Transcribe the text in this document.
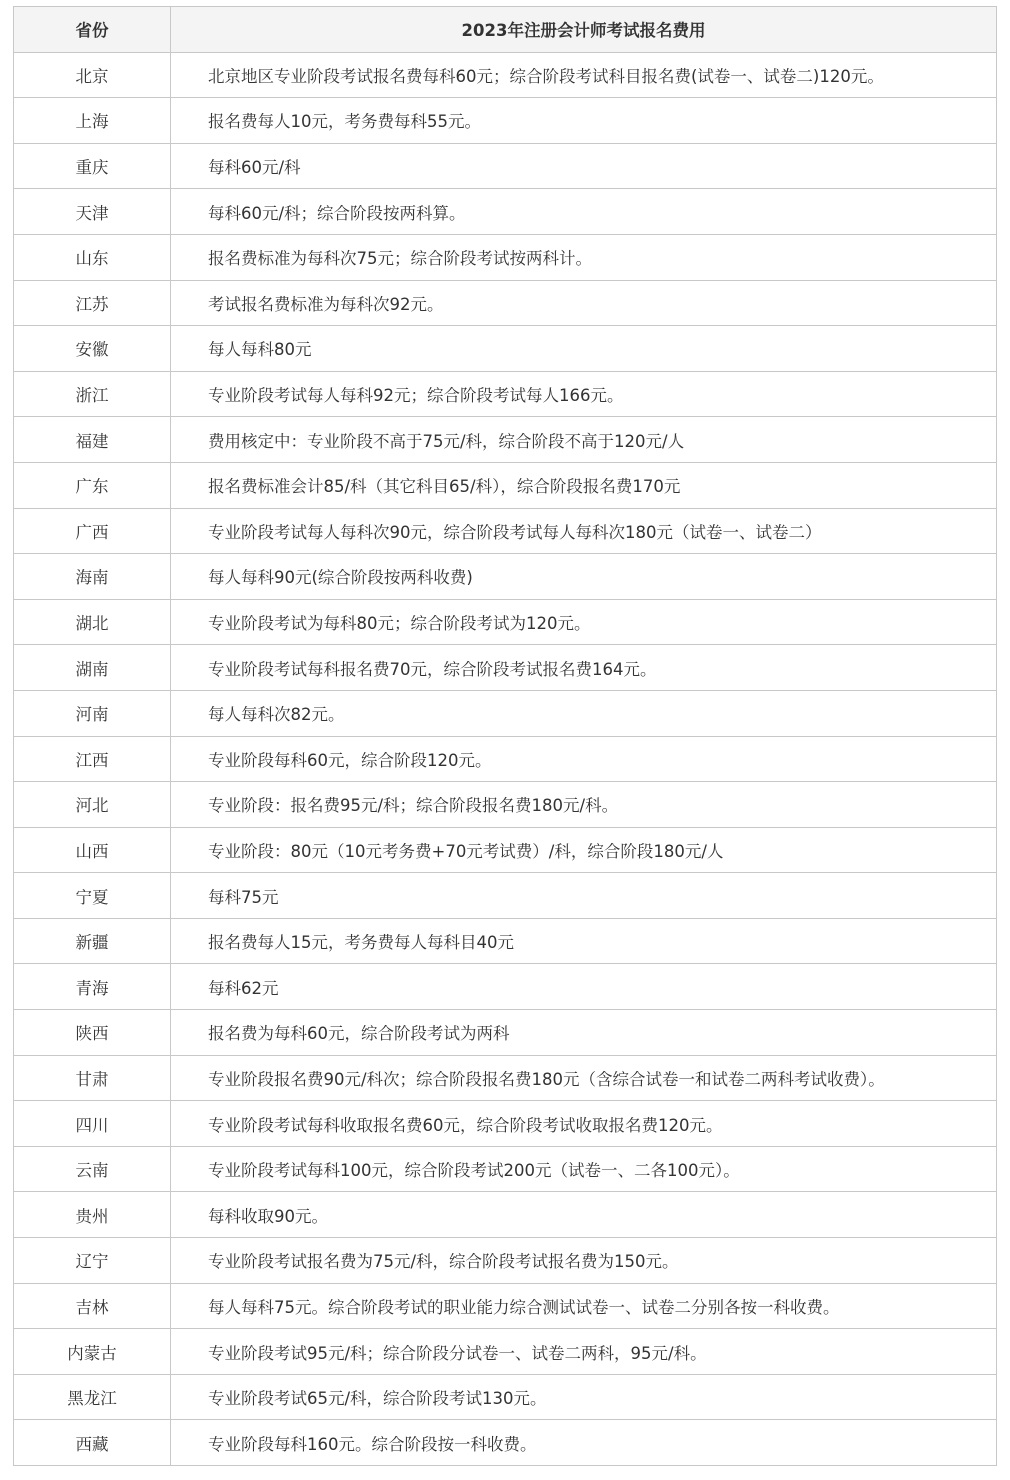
省份	2023年注册会计师考试报名费用
北京	北京地区专业阶段考试报名费每科60元；综合阶段考试科目报名费(试卷一、试卷二)120元。
上海	报名费每人10元，考务费每科55元。
重庆	每科60元/科
天津	每科60元/科；综合阶段按两科算。
山东	报名费标准为每科次75元；综合阶段考试按两科计。
江苏	考试报名费标准为每科次92元。
安徽	每人每科80元
浙江	专业阶段考试每人每科92元；综合阶段考试每人166元。
福建	费用核定中：专业阶段不高于75元/科，综合阶段不高于120元/人
广东	报名费标准会计85/科（其它科目65/科），综合阶段报名费170元
广西	专业阶段考试每人每科次90元，综合阶段考试每人每科次180元（试卷一、试卷二）
海南	每人每科90元(综合阶段按两科收费)
湖北	专业阶段考试为每科80元；综合阶段考试为120元。
湖南	专业阶段考试每科报名费70元，综合阶段考试报名费164元。
河南	每人每科次82元。
江西	专业阶段每科60元，综合阶段120元。
河北	专业阶段：报名费95元/科；综合阶段报名费180元/科。
山西	专业阶段：80元（10元考务费+70元考试费）/科，综合阶段180元/人
宁夏	每科75元
新疆	报名费每人15元，考务费每人每科目40元
青海	每科62元
陕西	报名费为每科60元，综合阶段考试为两科
甘肃	专业阶段报名费90元/科次；综合阶段报名费180元（含综合试卷一和试卷二两科考试收费）。
四川	专业阶段考试每科收取报名费60元，综合阶段考试收取报名费120元。
云南	专业阶段考试每科100元，综合阶段考试200元（试卷一、二各100元）。
贵州	每科收取90元。
辽宁	专业阶段考试报名费为75元/科，综合阶段考试报名费为150元。
吉林	每人每科75元。综合阶段考试的职业能力综合测试试卷一、试卷二分别各按一科收费。
内蒙古	专业阶段考试95元/科；综合阶段分试卷一、试卷二两科，95元/科。
黑龙江	专业阶段考试65元/科，综合阶段考试130元。
西藏	专业阶段每科160元。综合阶段按一科收费。
